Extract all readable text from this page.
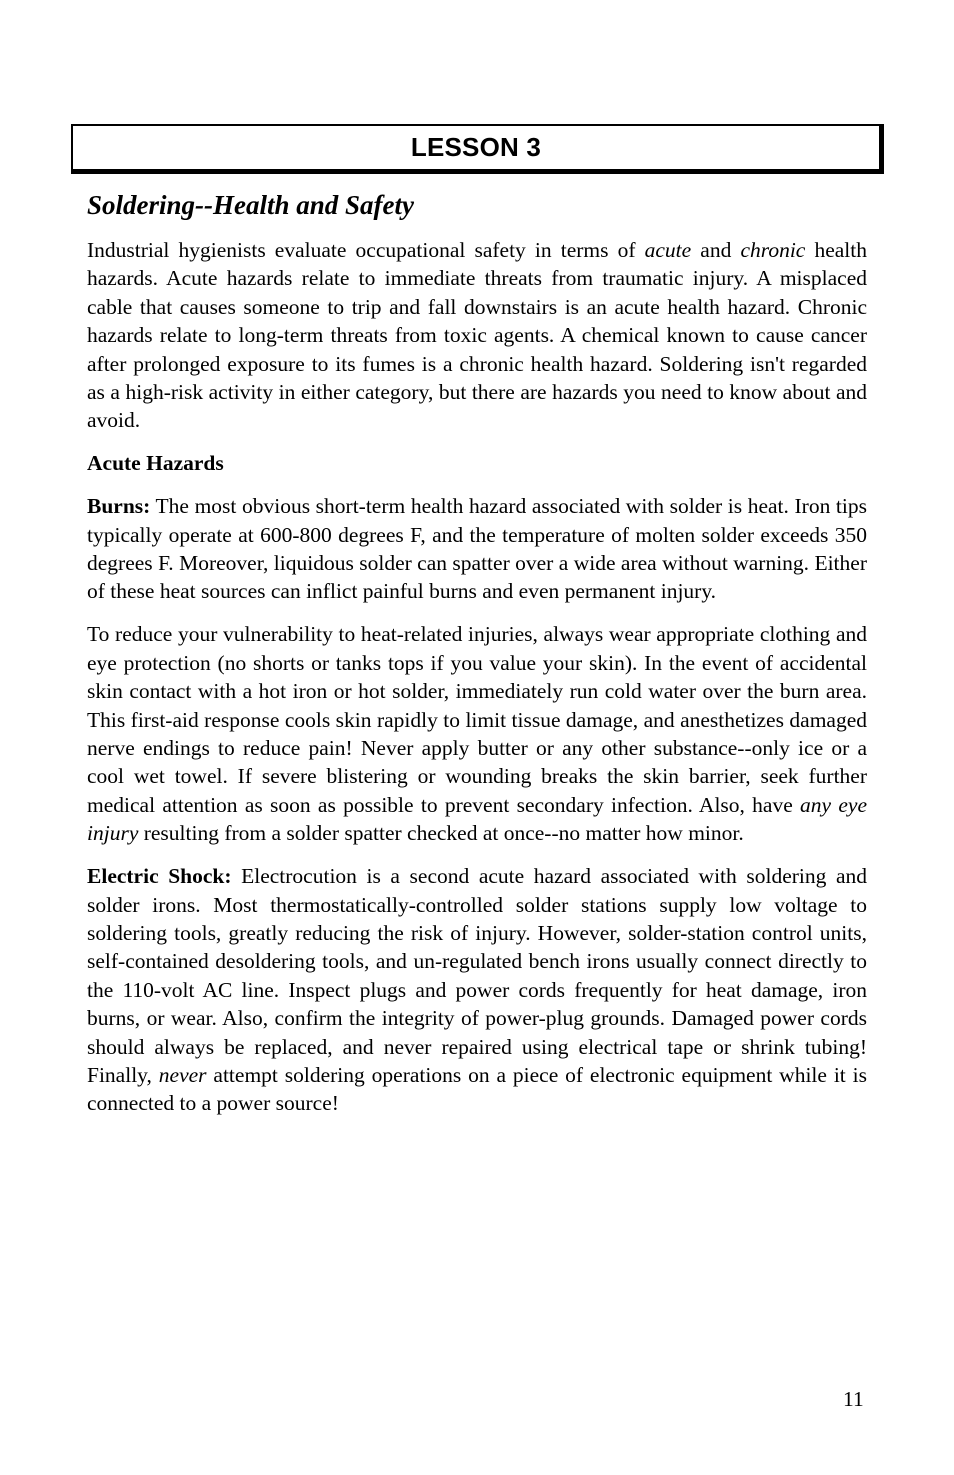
LESSON 3
Soldering--Health and Safety

Industrial hygienists evaluate occupational safety in terms of acute and chronic health hazards. Acute hazards relate to immediate threats from traumatic injury. A misplaced cable that causes someone to trip and fall downstairs is an acute health hazard. Chronic hazards relate to long-term threats from toxic agents. A chemical known to cause cancer after prolonged exposure to its fumes is a chronic health hazard. Soldering isn't regarded as a high-risk activity in either category, but there are hazards you need to know about and avoid.

Acute Hazards

Burns: The most obvious short-term health hazard associated with solder is heat. Iron tips typically operate at 600-800 degrees F, and the temperature of molten solder exceeds 350 degrees F. Moreover, liquidous solder can spatter over a wide area without warning. Either of these heat sources can inflict painful burns and even permanent injury.

To reduce your vulnerability to heat-related injuries, always wear appropriate clothing and eye protection (no shorts or tanks tops if you value your skin). In the event of accidental skin contact with a hot iron or hot solder, immediately run cold water over the burn area. This first-aid response cools skin rapidly to limit tissue damage, and anesthetizes damaged nerve endings to reduce pain! Never apply butter or any other substance--only ice or a cool wet towel. If severe blistering or wounding breaks the skin barrier, seek further medical attention as soon as possible to prevent secondary infection. Also, have any eye injury resulting from a solder spatter checked at once--no matter how minor.

Electric Shock: Electrocution is a second acute hazard associated with soldering and solder irons. Most thermostatically-controlled solder stations supply low voltage to soldering tools, greatly reducing the risk of injury. However, solder-station control units, self-contained desoldering tools, and un-regulated bench irons usually connect directly to the 110-volt AC line. Inspect plugs and power cords frequently for heat damage, iron burns, or wear. Also, confirm the integrity of power-plug grounds. Damaged power cords should always be replaced, and never repaired using electrical tape or shrink tubing! Finally, never attempt soldering operations on a piece of electronic equipment while it is connected to a power source!

11
